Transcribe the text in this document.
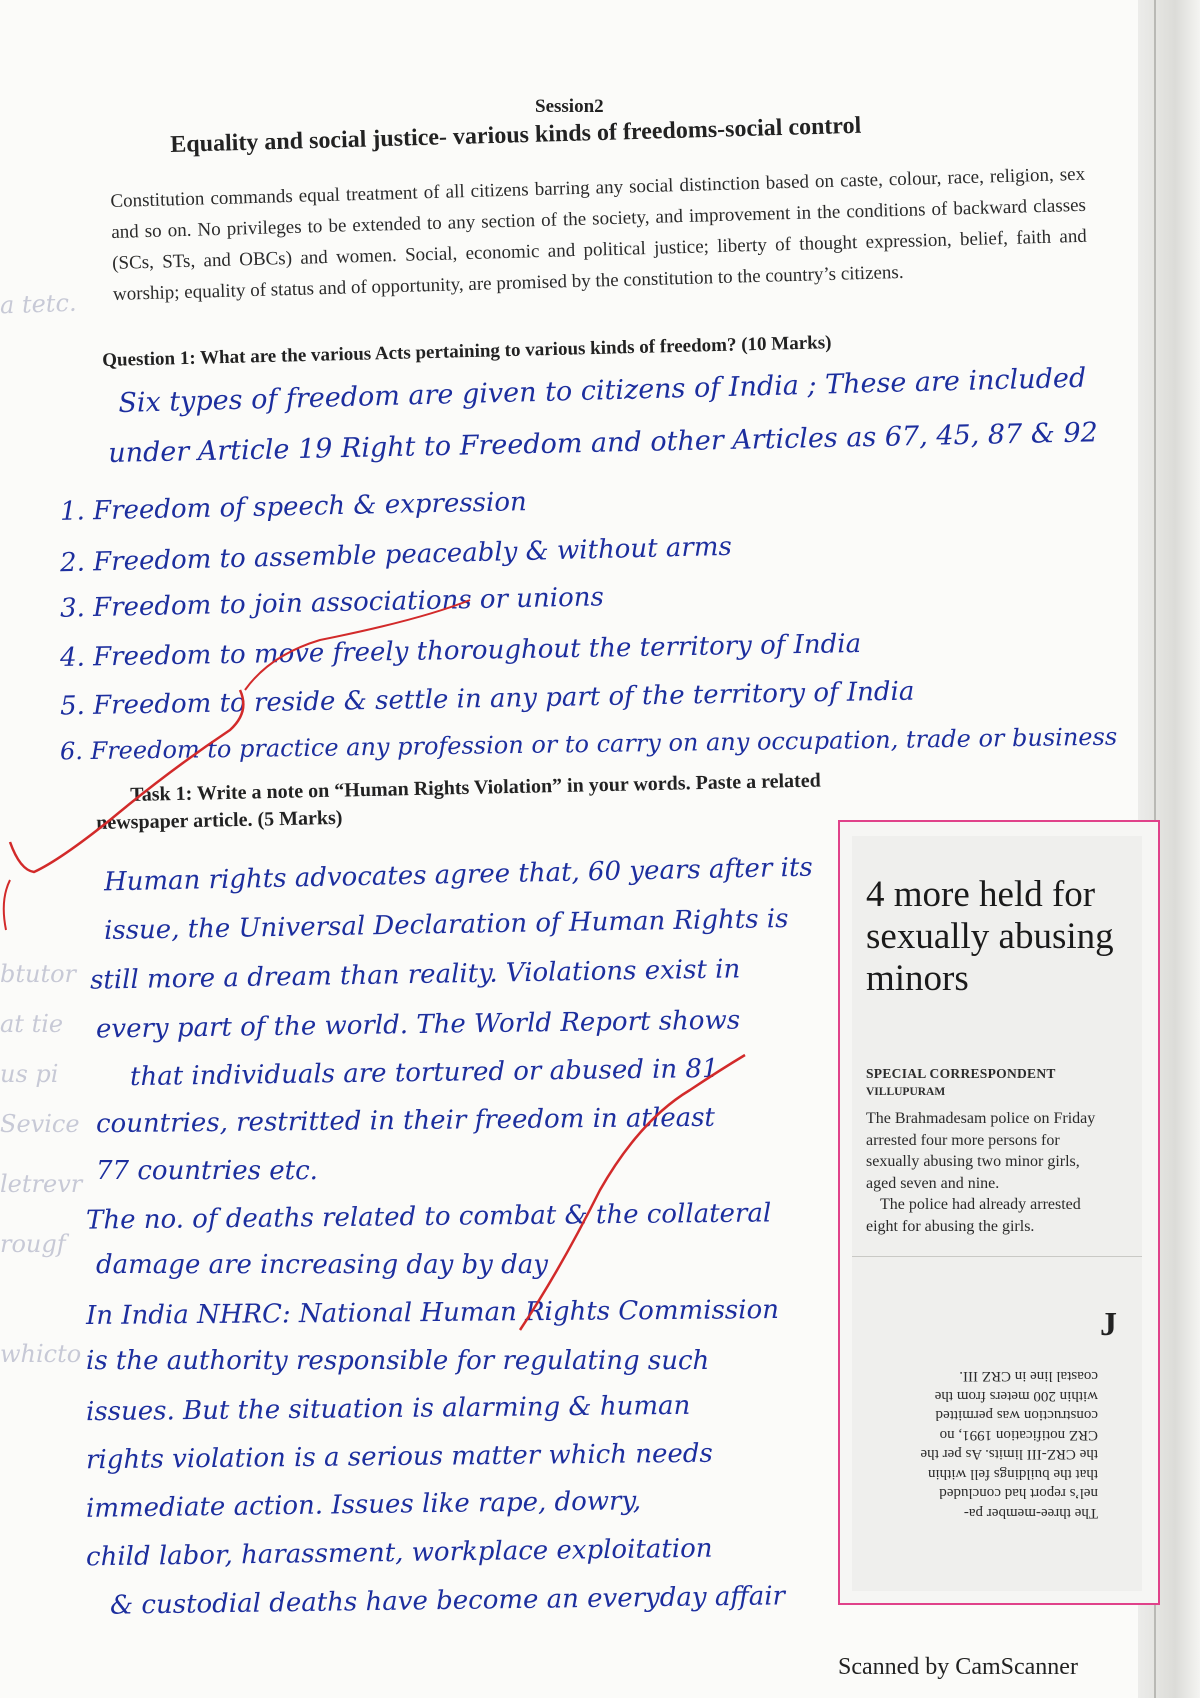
a tetc.
btutor
at tie
us pi
Sevice
letrevr
rougf
whicto
Session2
Equality and social justice- various kinds of freedoms-social control
Constitution commands equal treatment of all citizens barring any social distinction based on caste, colour, race, religion, sex and so on. No privileges to be extended to any section of the society, and improvement in the conditions of backward classes (SCs, STs, and OBCs) and women. Social, economic and political justice; liberty of thought expression, belief, faith and worship; equality of status and of opportunity, are promised by the constitution to the country’s citizens.
Question 1: What are the various Acts pertaining to various kinds of freedom? (10 Marks)
Six types of freedom are given to citizens of India ; These are included
under Article 19 Right to Freedom and other Articles as 67, 45, 87 & 92
1. Freedom of speech & expression
2. Freedom to assemble peaceably & without arms
3. Freedom to join associations or unions
4. Freedom to move freely thoroughout the territory of India
5. Freedom to reside & settle in any part of the territory of India
6. Freedom to practice any profession or to carry on any occupation, trade or business
Task 1: Write a note on “Human Rights Violation” in your words. Paste a related
newspaper article. (5 Marks)
Human rights advocates agree that, 60 years after its
issue, the Universal Declaration of Human Rights is
still more a dream than reality. Violations exist in
every part of the world. The World Report shows
that individuals are tortured or abused in 81
countries, restritted in their freedom in atleast
77 countries etc.
The no. of deaths related to combat & the collateral
damage are increasing day by day
In India NHRC: National Human Rights Commission
is the authority responsible for regulating such
issues. But the situation is alarming & human
rights violation is a serious matter which needs
immediate action. Issues like rape, dowry,
child labor, harassment, workplace exploitation
& custodial deaths have become an everyday affair
4 more held for sexually abusing minors
SPECIAL CORRESPONDENT
VILLUPURAM

The Brahmadesam police on Friday arrested four more persons for sexually abusing two minor girls, aged seven and nine.

The police had already arrested eight for abusing the girls.

J

The three-member pa-

nel’s report had concluded

that the buildings fell within

the CRZ-III limits. As per the

CRZ notification 1991, no

construction was permitted

within 200 meters from the

coastal line in CRZ III.

Scanned by CamScanner
